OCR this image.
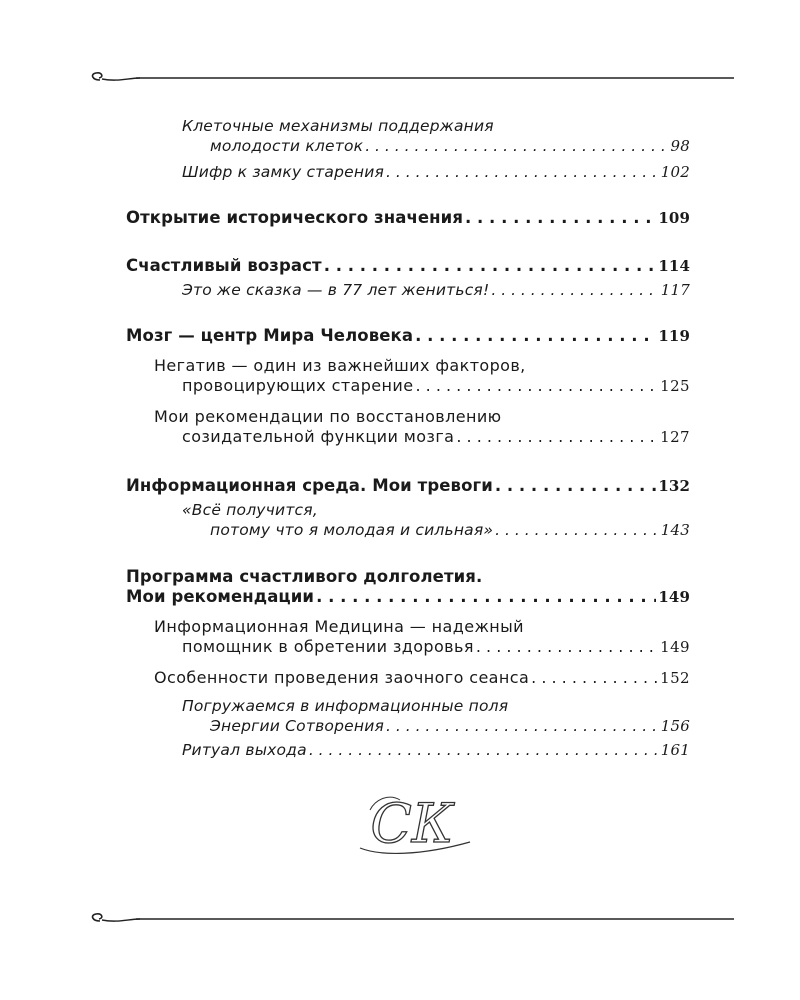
Клеточные механизмы поддержания
молодости клеток . . .	98
Шифр к замку старения . . .	102
Открытие исторического значения . . .	109
Счастливый возраст . . .	114
Это же сказка — в 77 лет жениться! . . .	117
Мозг — центр Мира Человека . . .	119
Негатив — один из важнейших факторов,
провоцирующих старение . . .	125
Мои рекомендации по восстановлению
созидательной функции мозга . . .	127
Информационная среда. Мои тревоги . . .	132
«Всё получится,
потому что я молодая и сильная» . . .	143
Программа счастливого долголетия.
Мои рекомендации . . .	149
Информационная Медицина — надежный
помощник в обретении здоровья . . .	149
Особенности проведения заочного сеанса . . .	152
Погружаемся в информационные поля
Энергии Сотворения . . .	156
Ритуал выхода . . .	161
СК
